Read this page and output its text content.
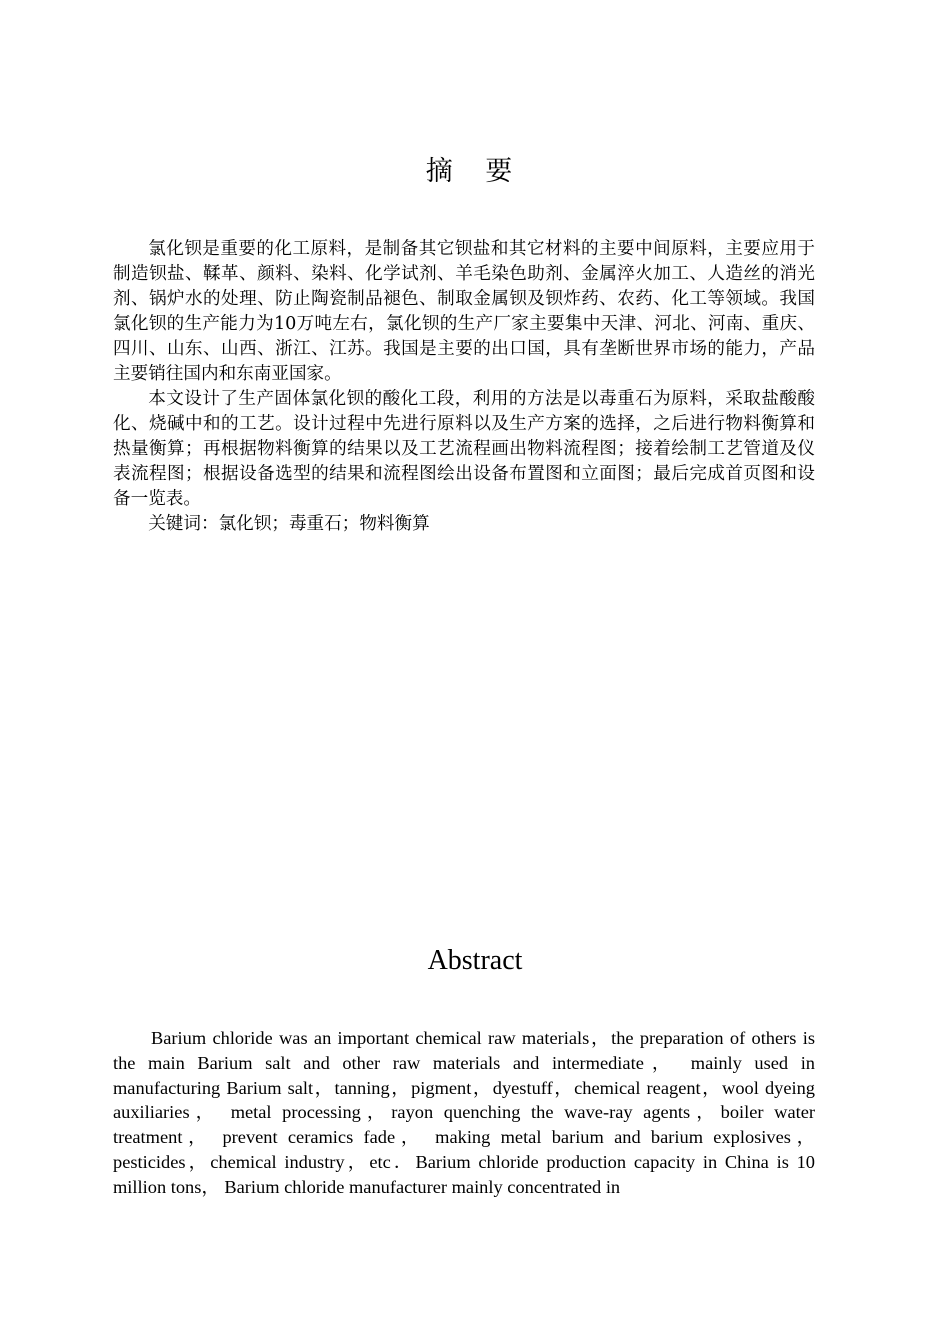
摘 要

氯化钡是重要的化工原料，是制备其它钡盐和其它材料的主要中间原料，主要应用于制造钡盐、鞣革、颜料、染料、化学试剂、羊毛染色助剂、金属淬火加工、人造丝的消光剂、锅炉水的处理、防止陶瓷制品褪色、制取金属钡及钡炸药、农药、化工等领域。我国氯化钡的生产能力为10万吨左右，氯化钡的生产厂家主要集中天津、河北、河南、重庆、四川、山东、山西、浙江、江苏。我国是主要的出口国，具有垄断世界市场的能力，产品主要销往国内和东南亚国家。

本文设计了生产固体氯化钡的酸化工段，利用的方法是以毒重石为原料，采取盐酸酸化、烧碱中和的工艺。设计过程中先进行原料以及生产方案的选择，之后进行物料衡算和热量衡算；再根据物料衡算的结果以及工艺流程画出物料流程图；接着绘制工艺管道及仪表流程图；根据设备选型的结果和流程图绘出设备布置图和立面图；最后完成首页图和设备一览表。

关键词：氯化钡；毒重石；物料衡算

Abstract

Barium chloride was an important chemical raw materials，the preparation of others is the main Barium salt and other raw materials and intermediate， mainly used in manufacturing Barium salt，tanning，pigment，dyestuff，chemical reagent，wool dyeing auxiliaries， metal processing，rayon quenching the wave-ray agents，boiler water treatment， prevent ceramics fade， making metal barium and barium explosives，pesticides，chemical industry，etc．Barium chloride production capacity in China is 10 million tons， Barium chloride manufacturer mainly concentrated in
